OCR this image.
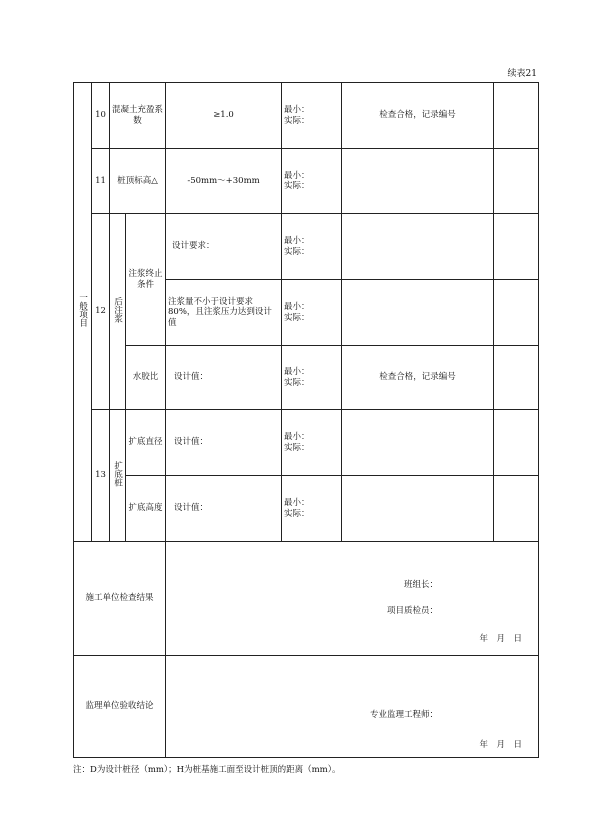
续表21
一般项目	10	混凝土充盈系数		≥1.0	最小：
实际：	检查合格，记录编号	
	11	桩顶标高△		-50mm～+30mm	最小：
实际：		

	12	后注浆	注浆终止条件	设计要求：	最小：
实际：		

				注浆量不小于设计要求80%，且注浆压力达到设计值	最小：
实际：		

			水胶比	设计值：	最小：
实际：	检查合格，记录编号	
	13	扩底桩	扩底直径	设计值：	最小：
实际：		

			扩底高度	设计值：	最小：
实际：		

施工单位检查结果				班组长：
项目质检员：
年　月　日			

监理单位验收结论				专业监理工程师：
年　月　日			
注：D为设计桩径（mm）；H为桩基施工面至设计桩顶的距离（mm）。
